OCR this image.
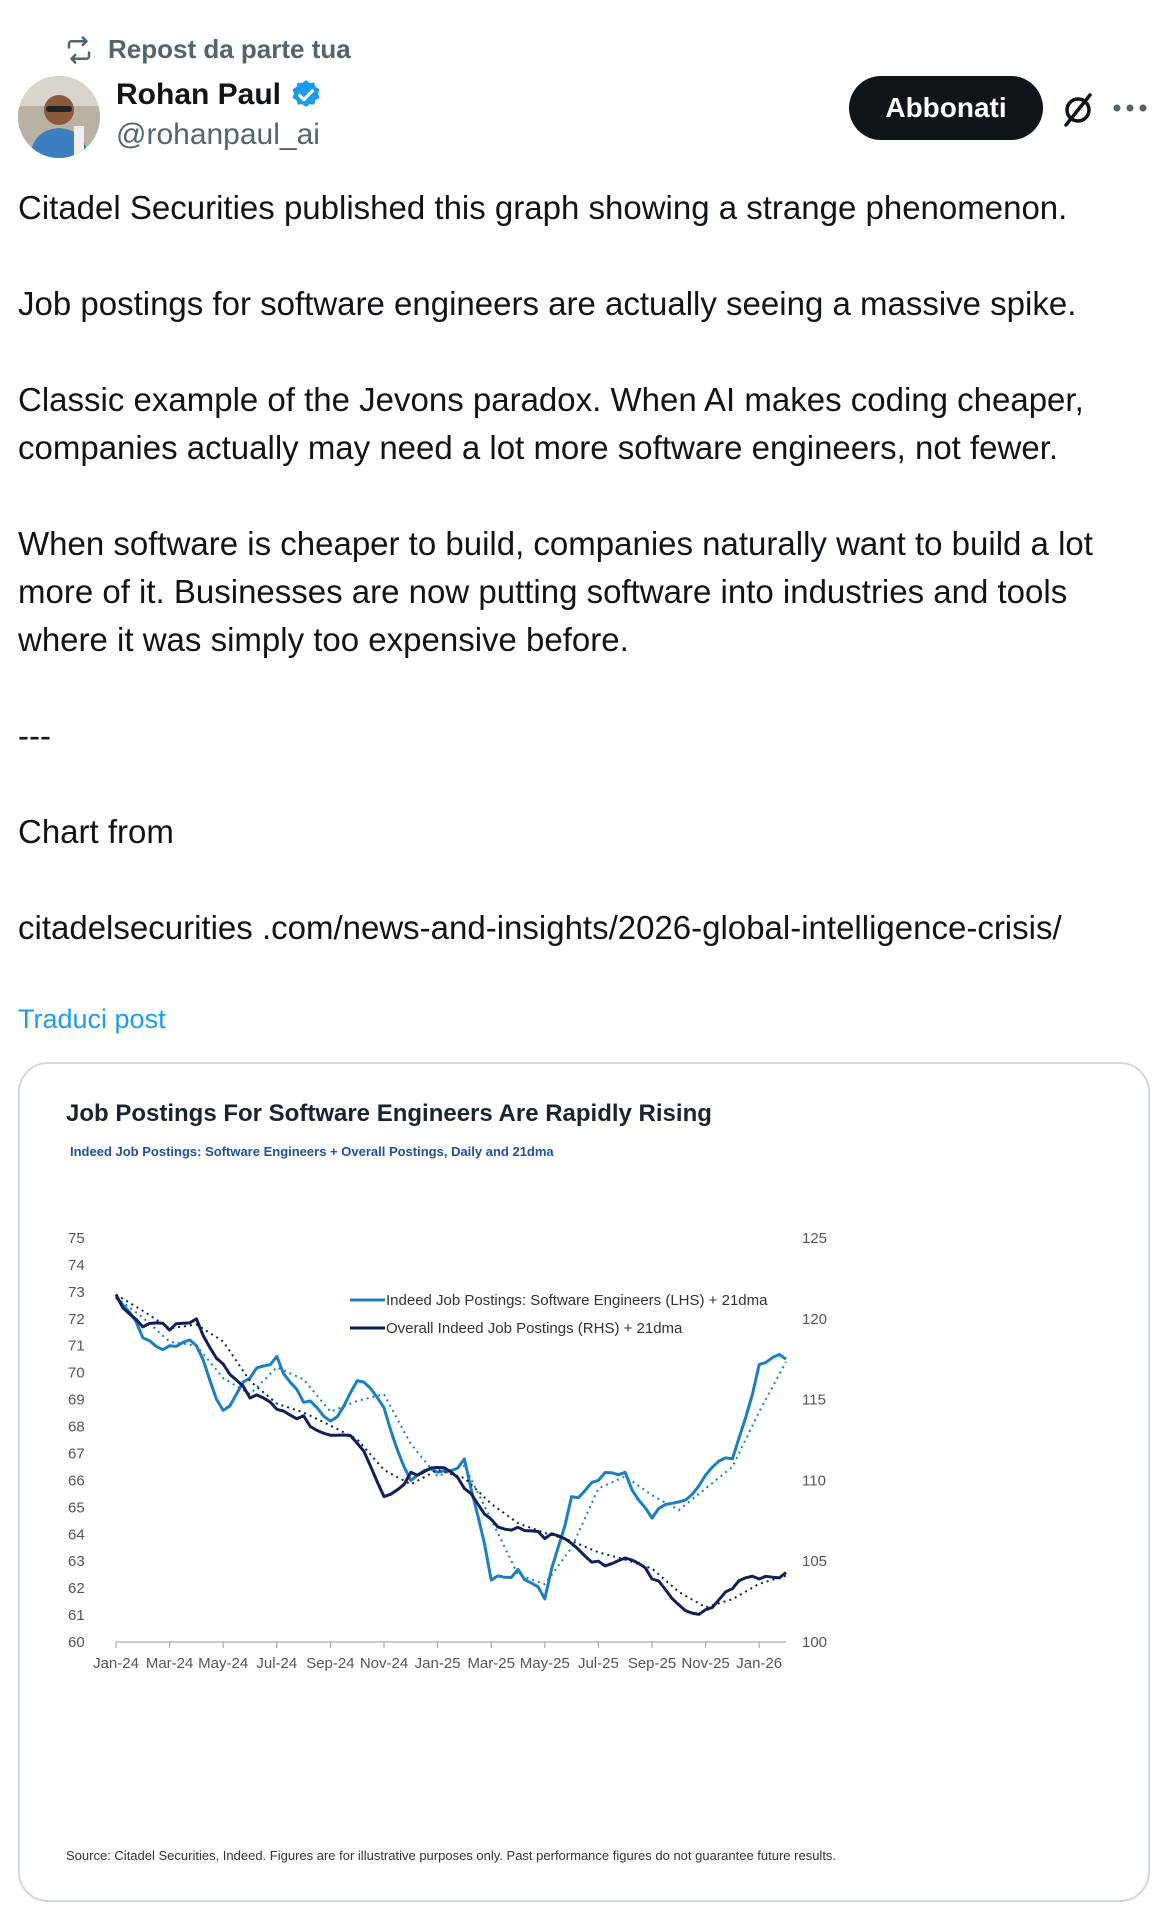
Repost da parte tua
Rohan Paul
@rohanpaul_ai
Abbonati

Citadel Securities published this graph showing a strange phenomenon.

Job postings for software engineers are actually seeing a massive spike.

Classic example of the Jevons paradox. When AI makes coding cheaper, companies actually may need a lot more software engineers, not fewer.

When software is cheaper to build, companies naturally want to build a lot more of it. Businesses are now putting software into industries and tools where it was simply too expensive before.

---

Chart from

citadelsecurities .com/news-and-insights/2026-global-intelligence-crisis/

Traduci post
Job Postings For Software Engineers Are Rapidly Rising
Indeed Job Postings: Software Engineers + Overall Postings, Daily and 21dma
60
61
62
63
64
65
66
67
68
69
70
71
72
73
74
75
100
105
110
115
120
125
Jan-24 Mar-24 May-24 Jul-24 Sep-24 Nov-24 Jan-25 Mar-25 May-25 Jul-25 Sep-25 Nov-25 Jan-26
Indeed Job Postings: Software Engineers (LHS) + 21dma
Overall Indeed Job Postings (RHS) + 21dma
Source: Citadel Securities, Indeed. Figures are for illustrative purposes only. Past performance figures do not guarantee future results.
